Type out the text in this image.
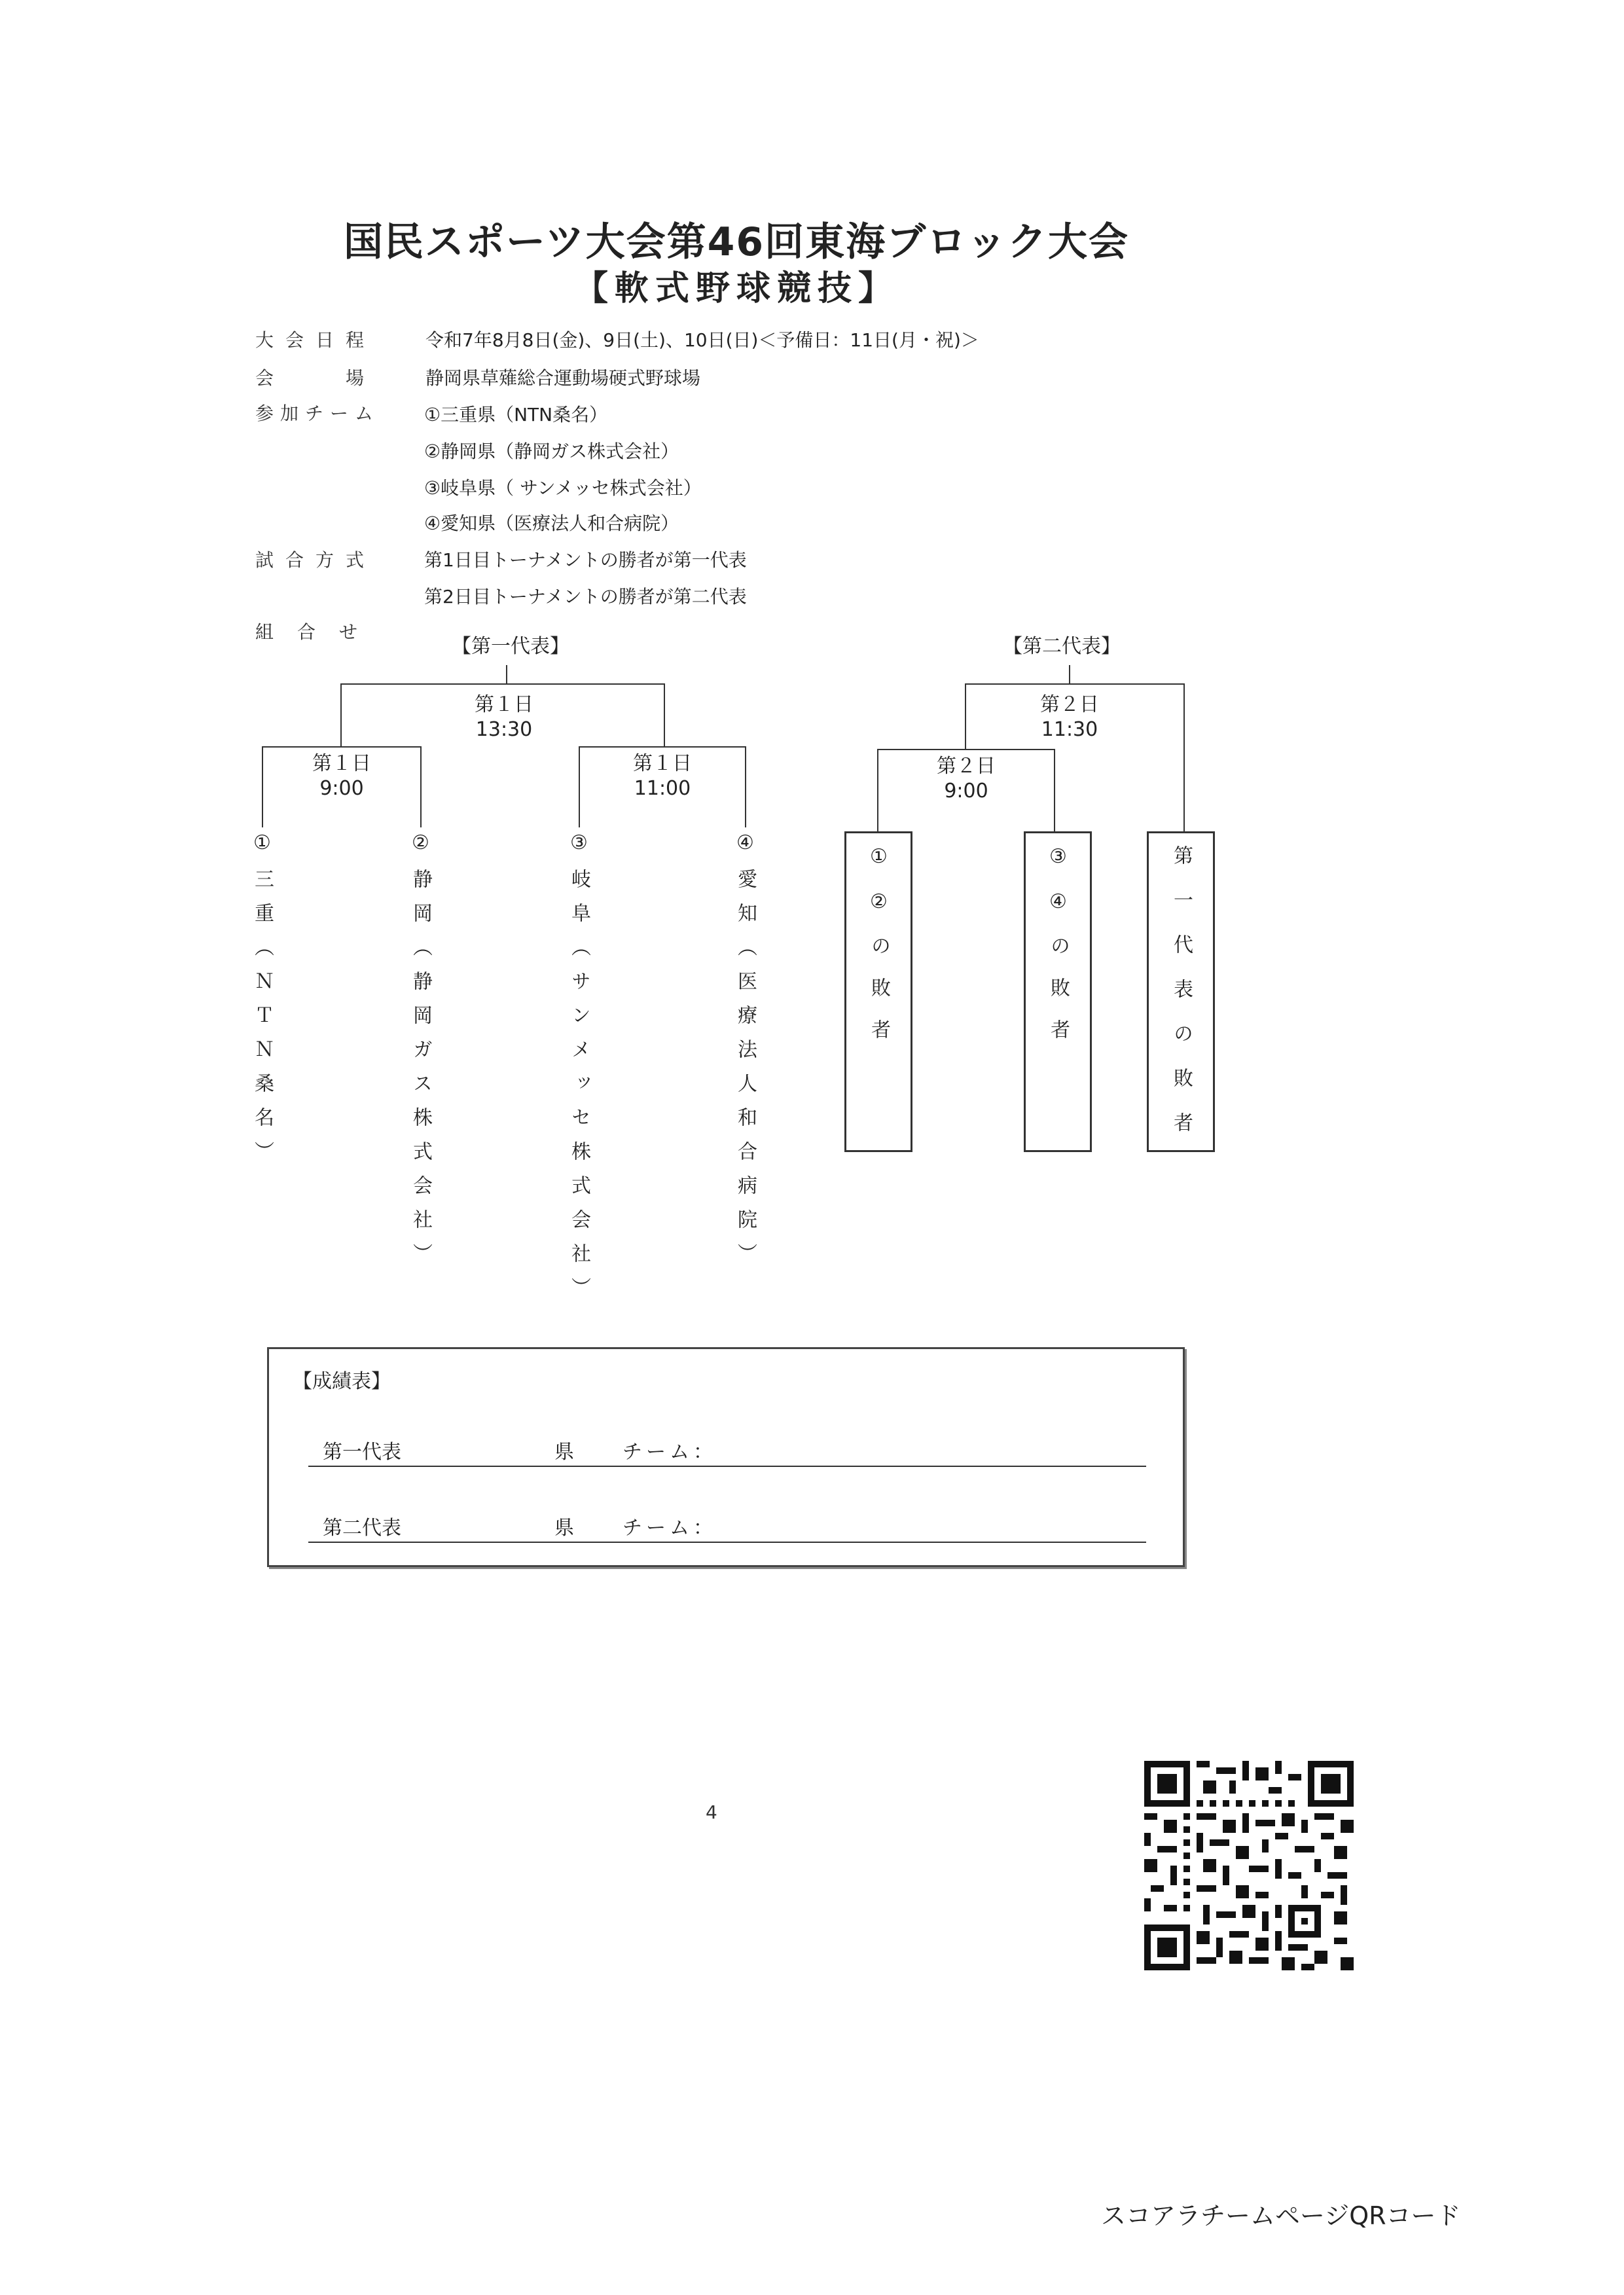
国民スポーツ大会第46回東海ブロック大会
【軟式野球競技】
大会日程	令和7年8月8日(金)、9日(土)、10日(日)＜予備日：11日(月・祝)＞
会場
静岡県草薙総合運動場硬式野球場
参加チーム ①三重県（NTN桑名）
②静岡県（静岡ガス株式会社）
③岐阜県（ サンメッセ株式会社）
④愛知県（医療法人和合病院）
試合方式	第1日目トーナメントの勝者が第一代表
第2日目トーナメントの勝者が第二代表
組合せ
【第一代表】
第１日
13:30
第１日
9:00
第１日
11:00
①三重（ＮＴＮ桑名）	②静岡（静岡ガス株式会社）	③岐阜（サンメッセ株式会社）	④愛知（医療法人和合病院）
【第二代表】
第２日
11:30
第２日
9:00
①②の敗者	③④の敗者	第一代表の敗者
【成績表】
第一代表	県 チーム：
第二代表	県 チーム：
4
スコアラチームページQRコード
